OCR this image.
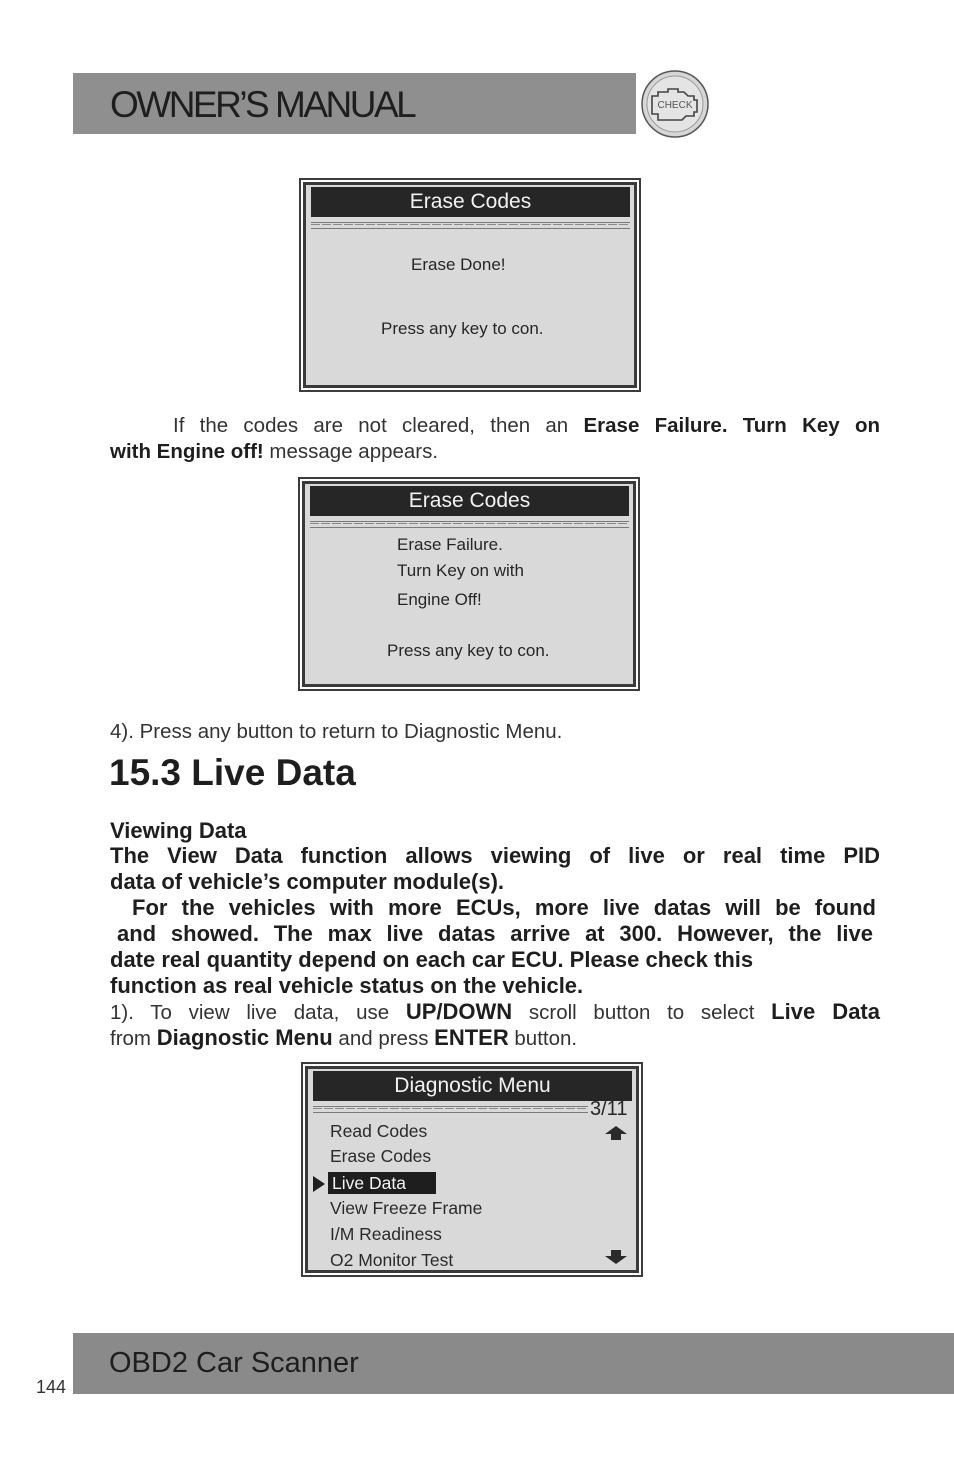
OWNER’S MANUAL	CHECK
Erase Codes
Erase Done!
Press any key to con.
If the codes are not cleared, then an Erase Failure. Turn Key on
with Engine off! message appears.
Erase Codes
Erase Failure.
Turn Key on with
Engine Off!
Press any key to con.
4). Press any button to return to Diagnostic Menu.
15.3 Live Data
Viewing Data
The View Data function allows viewing of live or real time PID
data of vehicle’s computer module(s).
For the vehicles with more ECUs, more live datas will be found
and showed. The max live datas arrive at 300. However, the live
date real quantity depend on each car ECU. Please check this
function as real vehicle status on the vehicle.
1). To view live data, use UP/DOWN scroll button to select Live Data
from Diagnostic Menu and press ENTER button.
Diagnostic Menu
3/11
Read Codes
Erase Codes
Live Data
View Freeze Frame
I/M Readiness
O2 Monitor Test
OBD2 Car Scanner
144
